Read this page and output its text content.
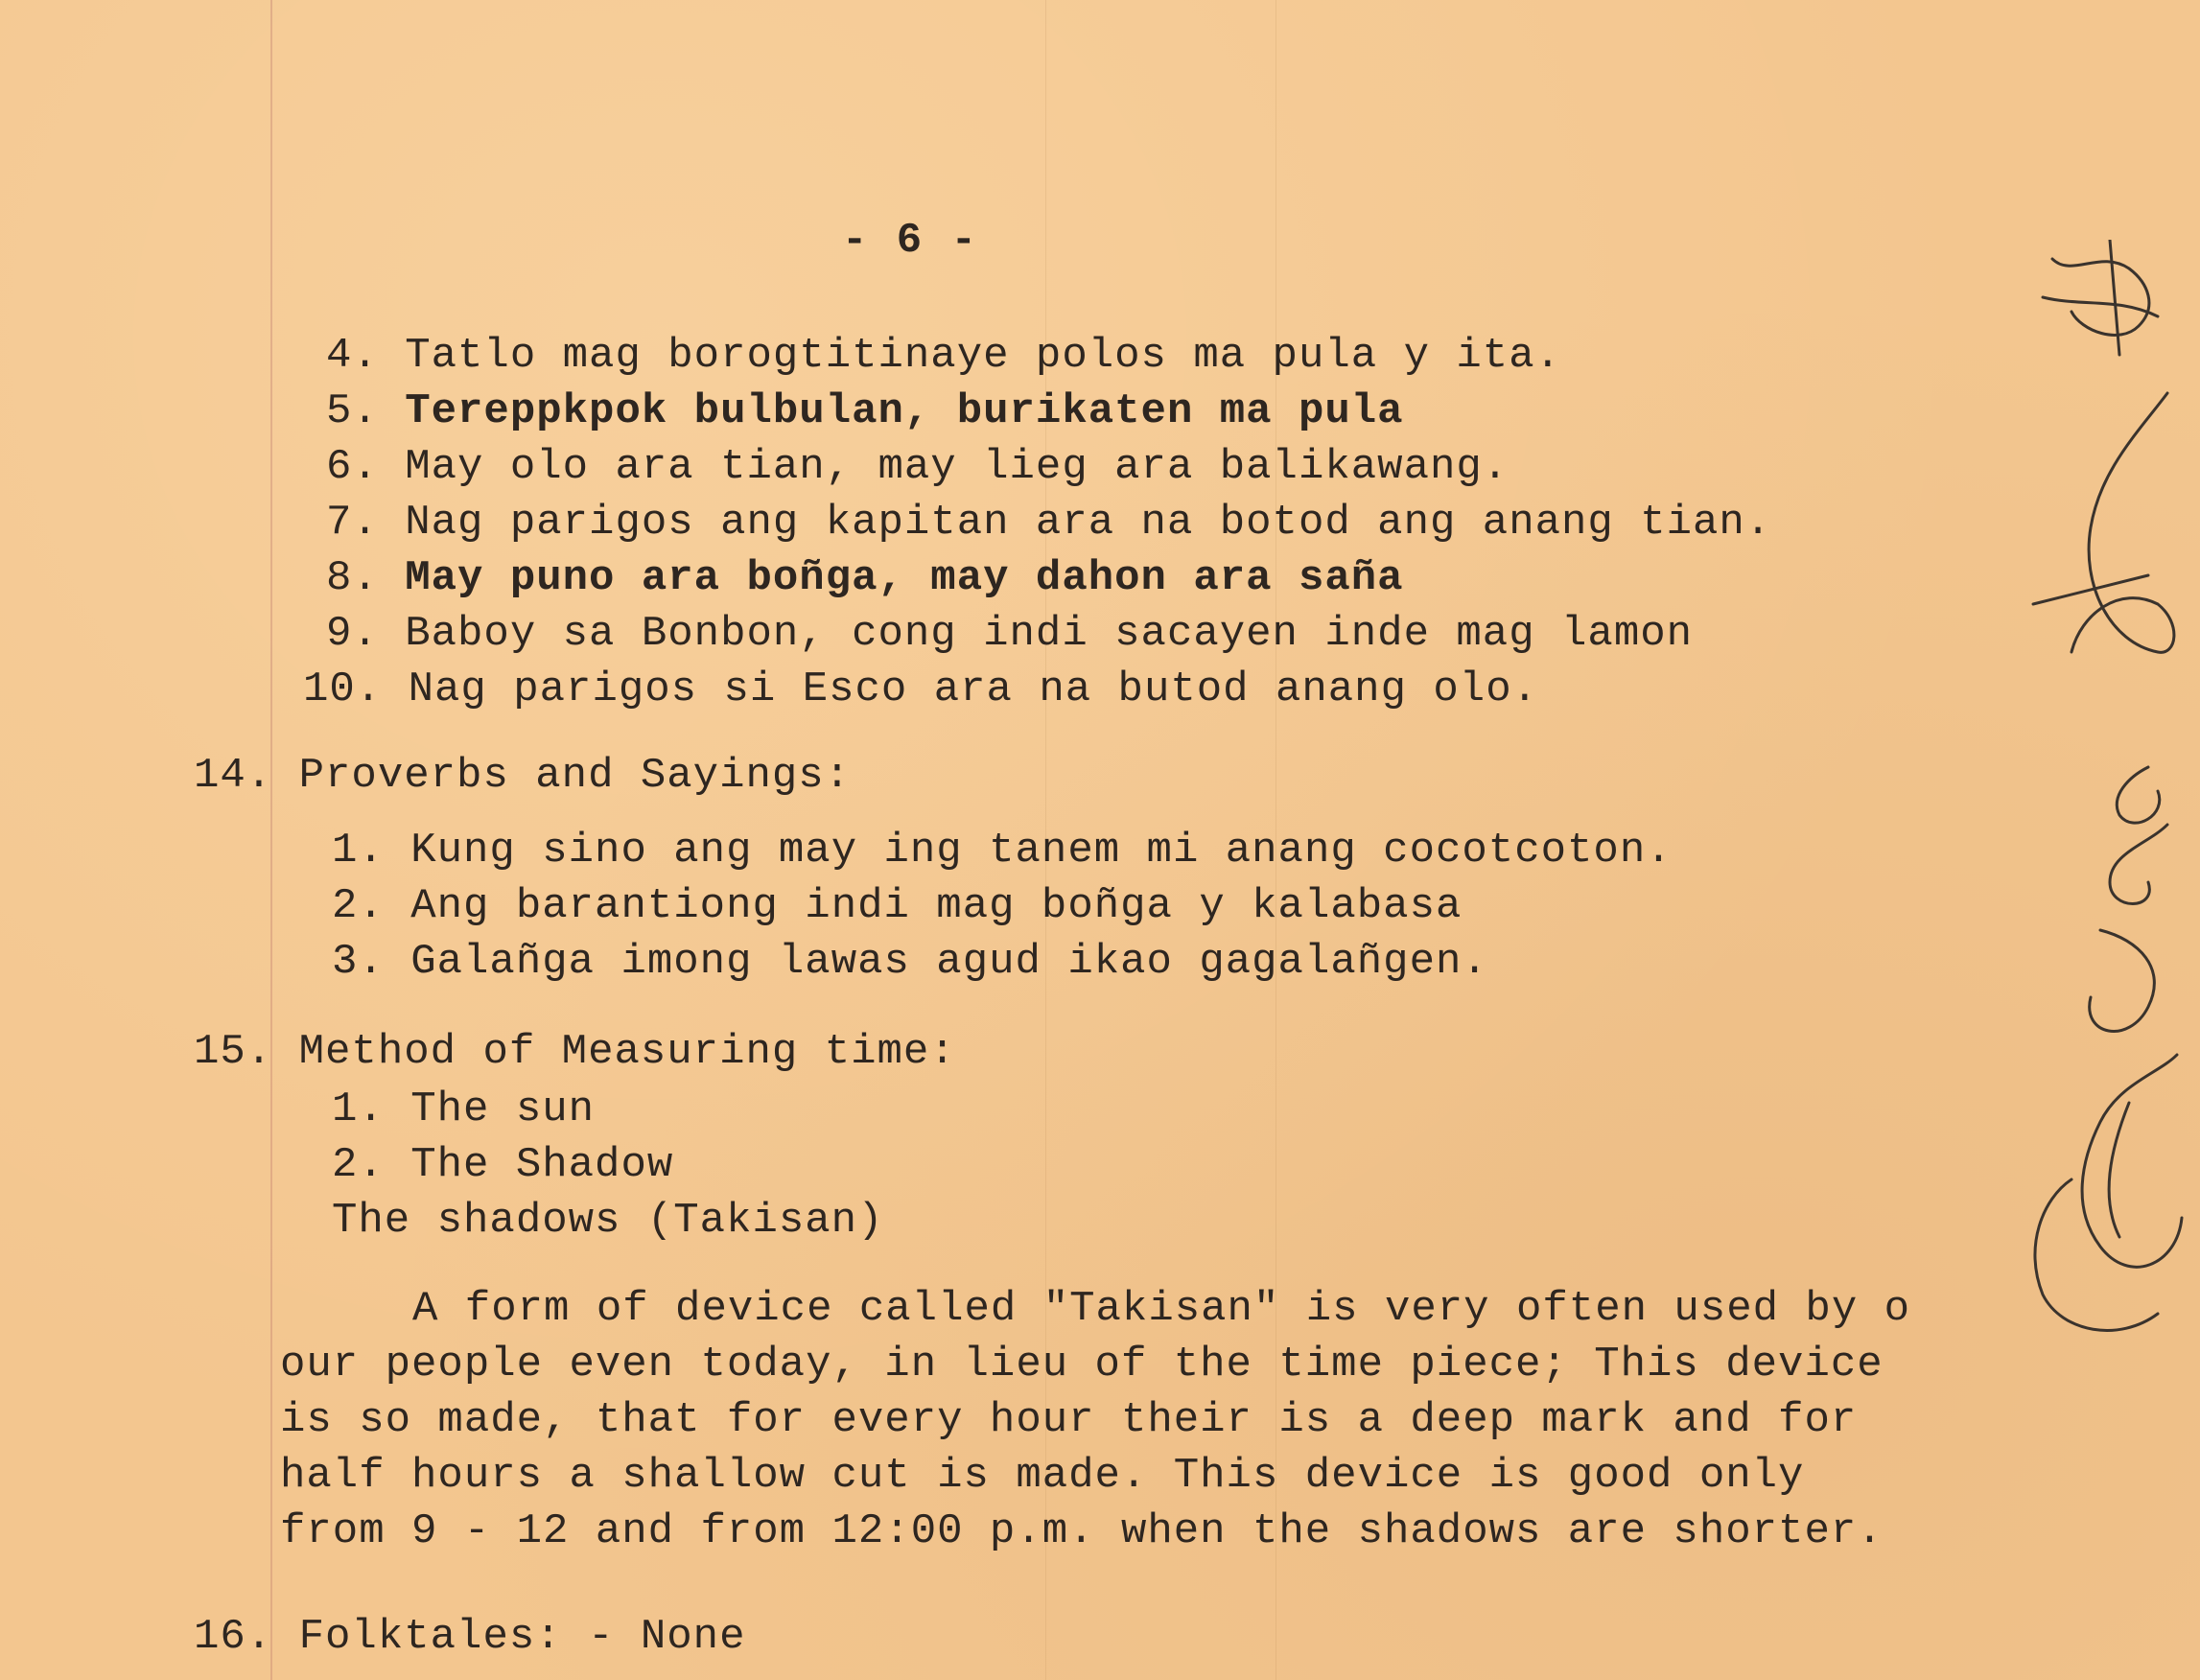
- 6 -
4. Tatlo mag borogtitinaye polos ma pula y ita.
5. Tereppkpok bulbulan, burikaten ma pula
6. May olo ara tian, may lieg ara balikawang.
7. Nag parigos ang kapitan ara na botod ang anang tian.
8. May puno ara boñga, may dahon ara saña
9. Baboy sa Bonbon, cong indi sacayen inde mag lamon
10. Nag parigos si Esco ara na butod anang olo.
14. Proverbs and Sayings:
1. Kung sino ang may ing tanem mi anang cocotcoton.
2. Ang barantiong indi mag boñga y kalabasa
3. Galañga imong lawas agud ikao gagalañgen.
15. Method of Measuring time:
1. The sun
2. The Shadow
The shadows (Takisan)
A form of device called "Takisan" is very often used by o
our people even today, in lieu of the time piece; This device
is so made, that for every hour their is a deep mark and for
half hours a shallow cut is made. This device is good only
from 9 - 12 and from 12:00 p.m. when the shadows are shorter.
16. Folktales: - None
